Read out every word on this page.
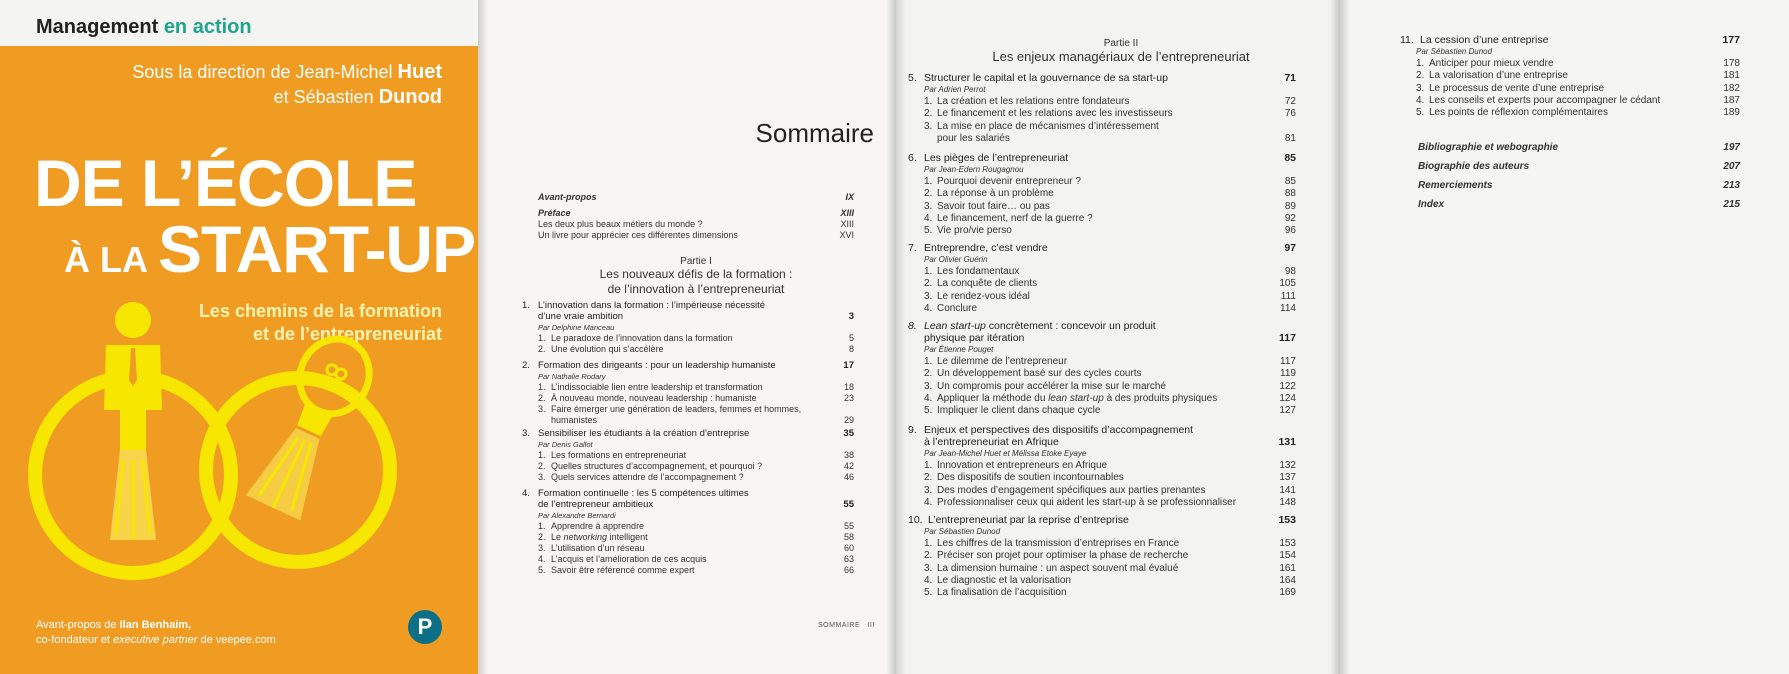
Management en action
Sous la direction de Jean-Michel Huet
et Sébastien Dunod
DE L’ÉCOLE
À LA START-UP
Les chemins de la formation
et de l’entrepreneuriat
Avant-propos de Ilan Benhaim,
co-fondateur et executive partner de veepee.com
P
Sommaire
Avant-propos	IX
Préface	XIII
Les deux plus beaux métiers du monde ?	XIII
Un livre pour apprécier ces différentes dimensions	XVI
Partie I
Les nouveaux défis de la formation :
de l’innovation à l’entrepreneuriat
1. L’innovation dans la formation : l’impérieuse nécessité
d’une vraie ambition	3
Par Delphine Manceau
1. Le paradoxe de l’innovation dans la formation	5
2. Une évolution qui s’accélère	8
2. Formation des dirigeants : pour un leadership humaniste	17
Par Nathalie Rodary
1. L’indissociable lien entre leadership et transformation	18
2. À nouveau monde, nouveau leadership : humaniste	23
3. Faire émerger une génération de leaders, femmes et hommes,
humanistes	29
3. Sensibiliser les étudiants à la création d’entreprise	35
Par Denis Gallot
1. Les formations en entrepreneuriat	38
2. Quelles structures d’accompagnement, et pourquoi ?	42
3. Quels services attendre de l’accompagnement ?	46
4. Formation continuelle : les 5 compétences ultimes
de l’entrepreneur ambitieux	55
Par Alexandre Bernardi
1. Apprendre à apprendre	55
2. Le networking intelligent	58
3. L’utilisation d’un réseau	60
4. L’acquis et l’amélioration de ces acquis	63
5. Savoir être référencé comme expert	66
SOMMAIRE III
Partie II
Les enjeux managériaux de l’entrepreneuriat
5. Structurer le capital et la gouvernance de sa start-up	71
Par Adrien Perrot
1. La création et les relations entre fondateurs	72
2. Le financement et les relations avec les investisseurs	76
3. La mise en place de mécanismes d’intéressement
pour les salariés	81
6. Les pièges de l’entrepreneuriat	85
Par Jean-Edern Rougagnou
1. Pourquoi devenir entrepreneur ?	85
2. La réponse à un problème	88
3. Savoir tout faire… ou pas	89
4. Le financement, nerf de la guerre ?	92
5. Vie pro/vie perso	96
7. Entreprendre, c’est vendre	97
Par Olivier Guérin
1. Les fondamentaux	98
2. La conquête de clients	105
3. Le rendez-vous idéal	111
4. Conclure	114
8. Lean start-up concrètement : concevoir un produit
physique par itération	117
Par Étienne Pouget
1. Le dilemme de l’entrepreneur	117
2. Un développement basé sur des cycles courts	119
3. Un compromis pour accélérer la mise sur le marché	122
4. Appliquer la méthode du lean start-up à des produits physiques	124
5. Impliquer le client dans chaque cycle	127
9. Enjeux et perspectives des dispositifs d’accompagnement
à l’entrepreneuriat en Afrique	131
Par Jean-Michel Huet et Mélissa Etoke Eyaye
1. Innovation et entrepreneurs en Afrique	132
2. Des dispositifs de soutien incontournables	137
3. Des modes d’engagement spécifiques aux parties prenantes	141
4. Professionnaliser ceux qui aident les start-up à se professionnaliser	148
10. L’entrepreneuriat par la reprise d’entreprise	153
Par Sébastien Dunod
1. Les chiffres de la transmission d’entreprises en France	153
2. Préciser son projet pour optimiser la phase de recherche	154
3. La dimension humaine : un aspect souvent mal évalué	161
4. Le diagnostic et la valorisation	164
5. La finalisation de l’acquisition	169
11. La cession d’une entreprise	177
Par Sébastien Dunod
1. Anticiper pour mieux vendre	178
2. La valorisation d’une entreprise	181
3. Le processus de vente d’une entreprise	182
4. Les conseils et experts pour accompagner le cédant	187
5. Les points de réflexion complémentaires	189
Bibliographie et webographie	197
Biographie des auteurs	207
Remerciements	213
Index	215
